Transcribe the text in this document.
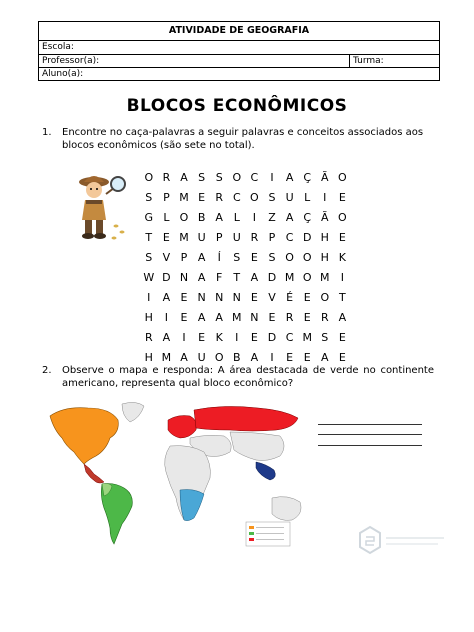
ATIVIDADE DE GEOGRAFIA
Escola:
Professor(a):	Turma:
Aluno(a):
BLOCOS ECONÔMICOS
1. Encontre no caça-palavras a seguir palavras e conceitos associados aos blocos econômicos (são sete no total).
O R A S S O C	I	A Ç Ã O
S P M E R C O S U L	I	E
G L O B A L	I	Z A Ç Ã O
T E M U P U R P C D H E
S V P A	Í	S E S O O H K
W D N A F	T A D M O M	I
I	A E N N N E V É E O T
H	I	E A A M N E R E R A
R A	I	E K	I	E D C M S E
H M A U O B A	I	E E A E
2. Observe o mapa e responda: A área destacada de verde no continente americano, representa qual bloco econômico?
